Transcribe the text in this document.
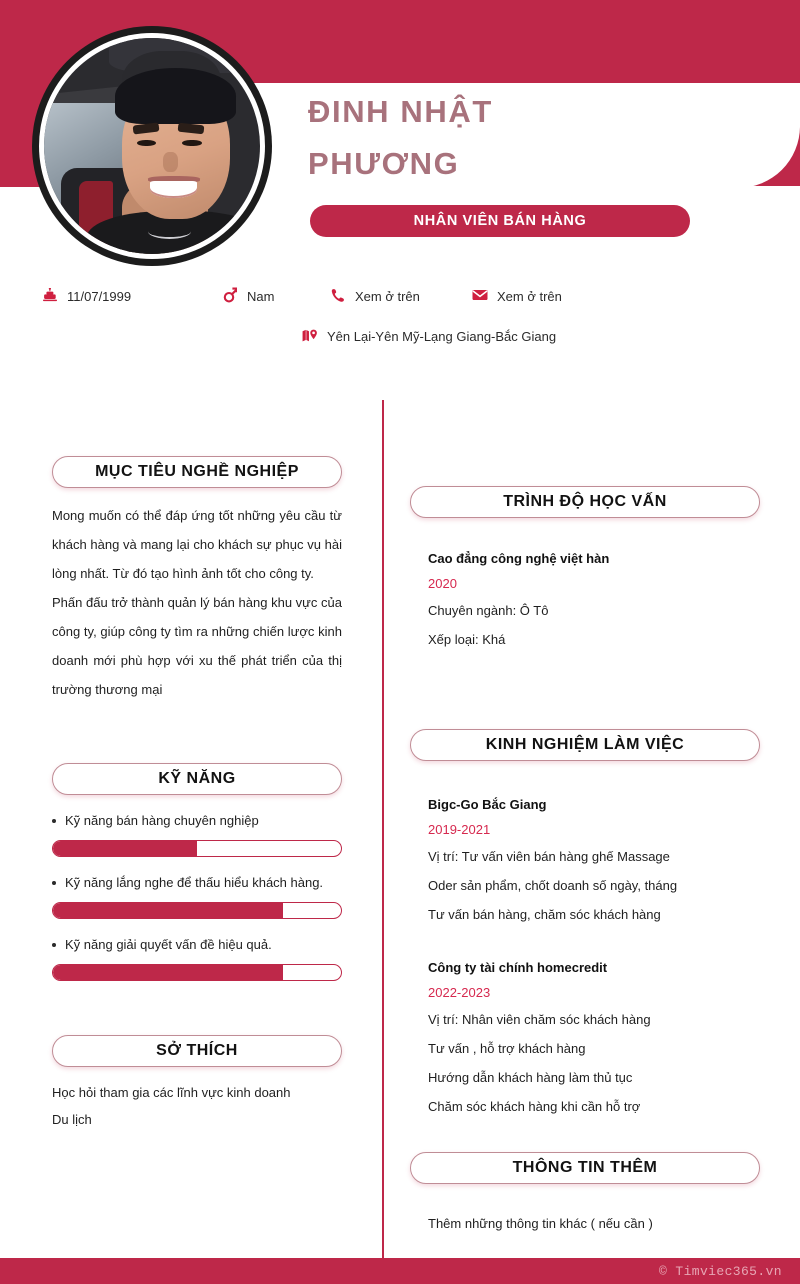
ĐINH NHẬT
PHƯƠNG
NHÂN VIÊN BÁN HÀNG
11/07/1999	Nam	Xem ở trên	Xem ở trên
Yên Lại-Yên Mỹ-Lạng Giang-Bắc Giang
MỤC TIÊU NGHỀ NGHIỆP
Mong muốn có thể đáp ứng tốt những yêu cầu từ khách hàng và mang lại cho khách sự phục vụ hài lòng nhất. Từ đó tạo hình ảnh tốt cho công ty.
Phấn đấu trở thành quản lý bán hàng khu vực của công ty, giúp công ty tìm ra những chiến lược kinh doanh mới phù hợp với xu thế phát triển của thị trường thương mại
KỸ NĂNG
Kỹ năng bán hàng chuyên nghiệp
Kỹ năng lắng nghe để thấu hiểu khách hàng.
Kỹ năng giải quyết vấn đề hiệu quả.
SỞ THÍCH
Học hỏi tham gia các lĩnh vực kinh doanh
Du lịch
TRÌNH ĐỘ HỌC VẤN
Cao đẳng công nghệ việt hàn
2020
Chuyên ngành: Ô Tô
Xếp loại: Khá
KINH NGHIỆM LÀM VIỆC
Bigc-Go Bắc Giang
2019-2021
Vị trí: Tư vấn viên bán hàng ghế Massage
Oder sản phẩm, chốt doanh số ngày, tháng
Tư vấn bán hàng, chăm sóc khách hàng
Công ty tài chính homecredit
2022-2023
Vị trí: Nhân viên chăm sóc khách hàng
Tư vấn , hỗ trợ khách hàng
Hướng dẫn khách hàng làm thủ tục
Chăm sóc khách hàng khi cần hỗ trợ
THÔNG TIN THÊM
Thêm những thông tin khác ( nếu cần )
© Timviec365.vn
